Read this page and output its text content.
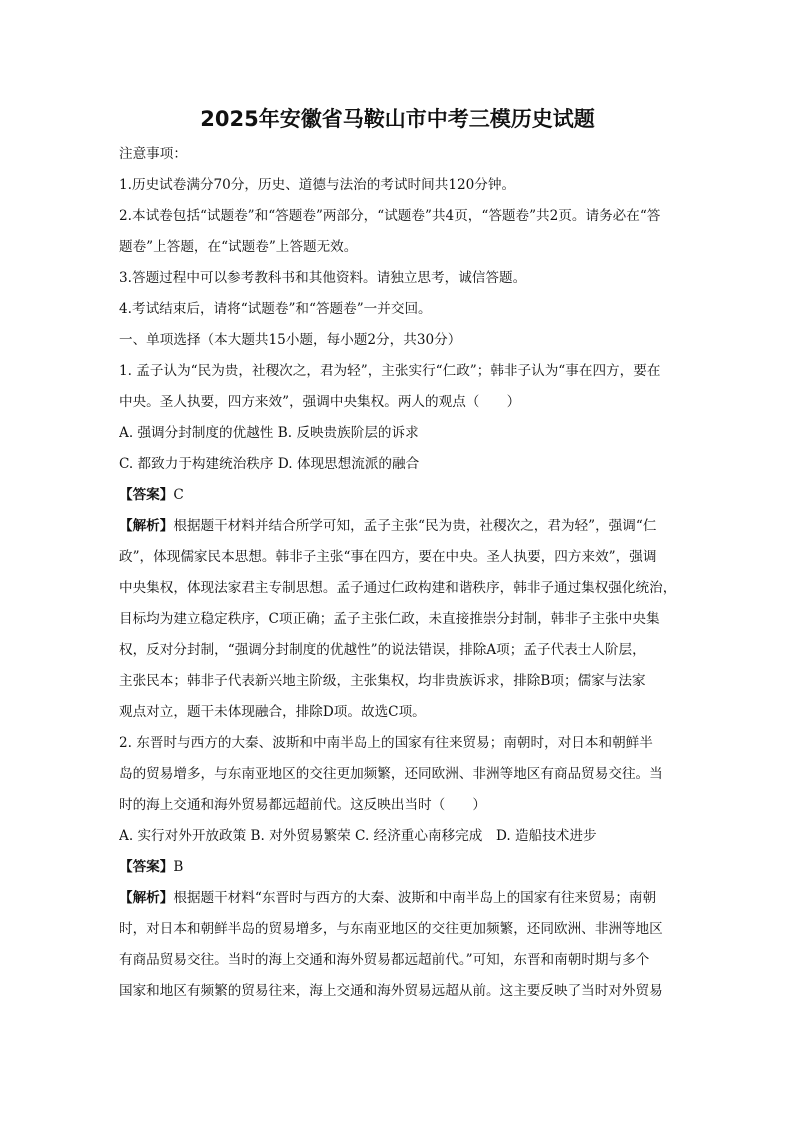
2025年安徽省马鞍山市中考三模历史试题
注意事项：
1.历史试卷满分70分，历史、道德与法治的考试时间共120分钟。
2.本试卷包括“试题卷”和“答题卷”两部分，“试题卷”共4页，“答题卷”共2页。请务必在“答
题卷”上答题，在“试题卷”上答题无效。
3.答题过程中可以参考教科书和其他资料。请独立思考，诚信答题。
4.考试结束后，请将“试题卷”和“答题卷”一并交回。
一、单项选择（本大题共15小题，每小题2分，共30分）
1. 孟子认为“民为贵，社稷次之，君为轻”，主张实行“仁政”；韩非子认为“事在四方，要在
中央。圣人执要，四方来效”，强调中央集权。两人的观点（　　）
A. 强调分封制度的优越性 B. 反映贵族阶层的诉求
C. 都致力于构建统治秩序 D. 体现思想流派的融合
【答案】C
【解析】根据题干材料并结合所学可知，孟子主张“民为贵，社稷次之，君为轻”，强调“仁
政”，体现儒家民本思想。韩非子主张“事在四方，要在中央。圣人执要，四方来效”，强调
中央集权，体现法家君主专制思想。孟子通过仁政构建和谐秩序，韩非子通过集权强化统治，
目标均为建立稳定秩序，C项正确；孟子主张仁政，未直接推崇分封制，韩非子主张中央集
权，反对分封制，“强调分封制度的优越性”的说法错误，排除A项；孟子代表士人阶层，
主张民本；韩非子代表新兴地主阶级，主张集权，均非贵族诉求，排除B项；儒家与法家
观点对立，题干未体现融合，排除D项。故选C项。
2. 东晋时与西方的大秦、波斯和中南半岛上的国家有往来贸易；南朝时，对日本和朝鲜半
岛的贸易增多，与东南亚地区的交往更加频繁，还同欧洲、非洲等地区有商品贸易交往。当
时的海上交通和海外贸易都远超前代。这反映出当时（　　）
A. 实行对外开放政策 B. 对外贸易繁荣 C. 经济重心南移完成　D. 造船技术进步
【答案】B
【解析】根据题干材料“东晋时与西方的大秦、波斯和中南半岛上的国家有往来贸易；南朝
时，对日本和朝鲜半岛的贸易增多，与东南亚地区的交往更加频繁，还同欧洲、非洲等地区
有商品贸易交往。当时的海上交通和海外贸易都远超前代。”可知，东晋和南朝时期与多个
国家和地区有频繁的贸易往来，海上交通和海外贸易远超从前。这主要反映了当时对外贸易
